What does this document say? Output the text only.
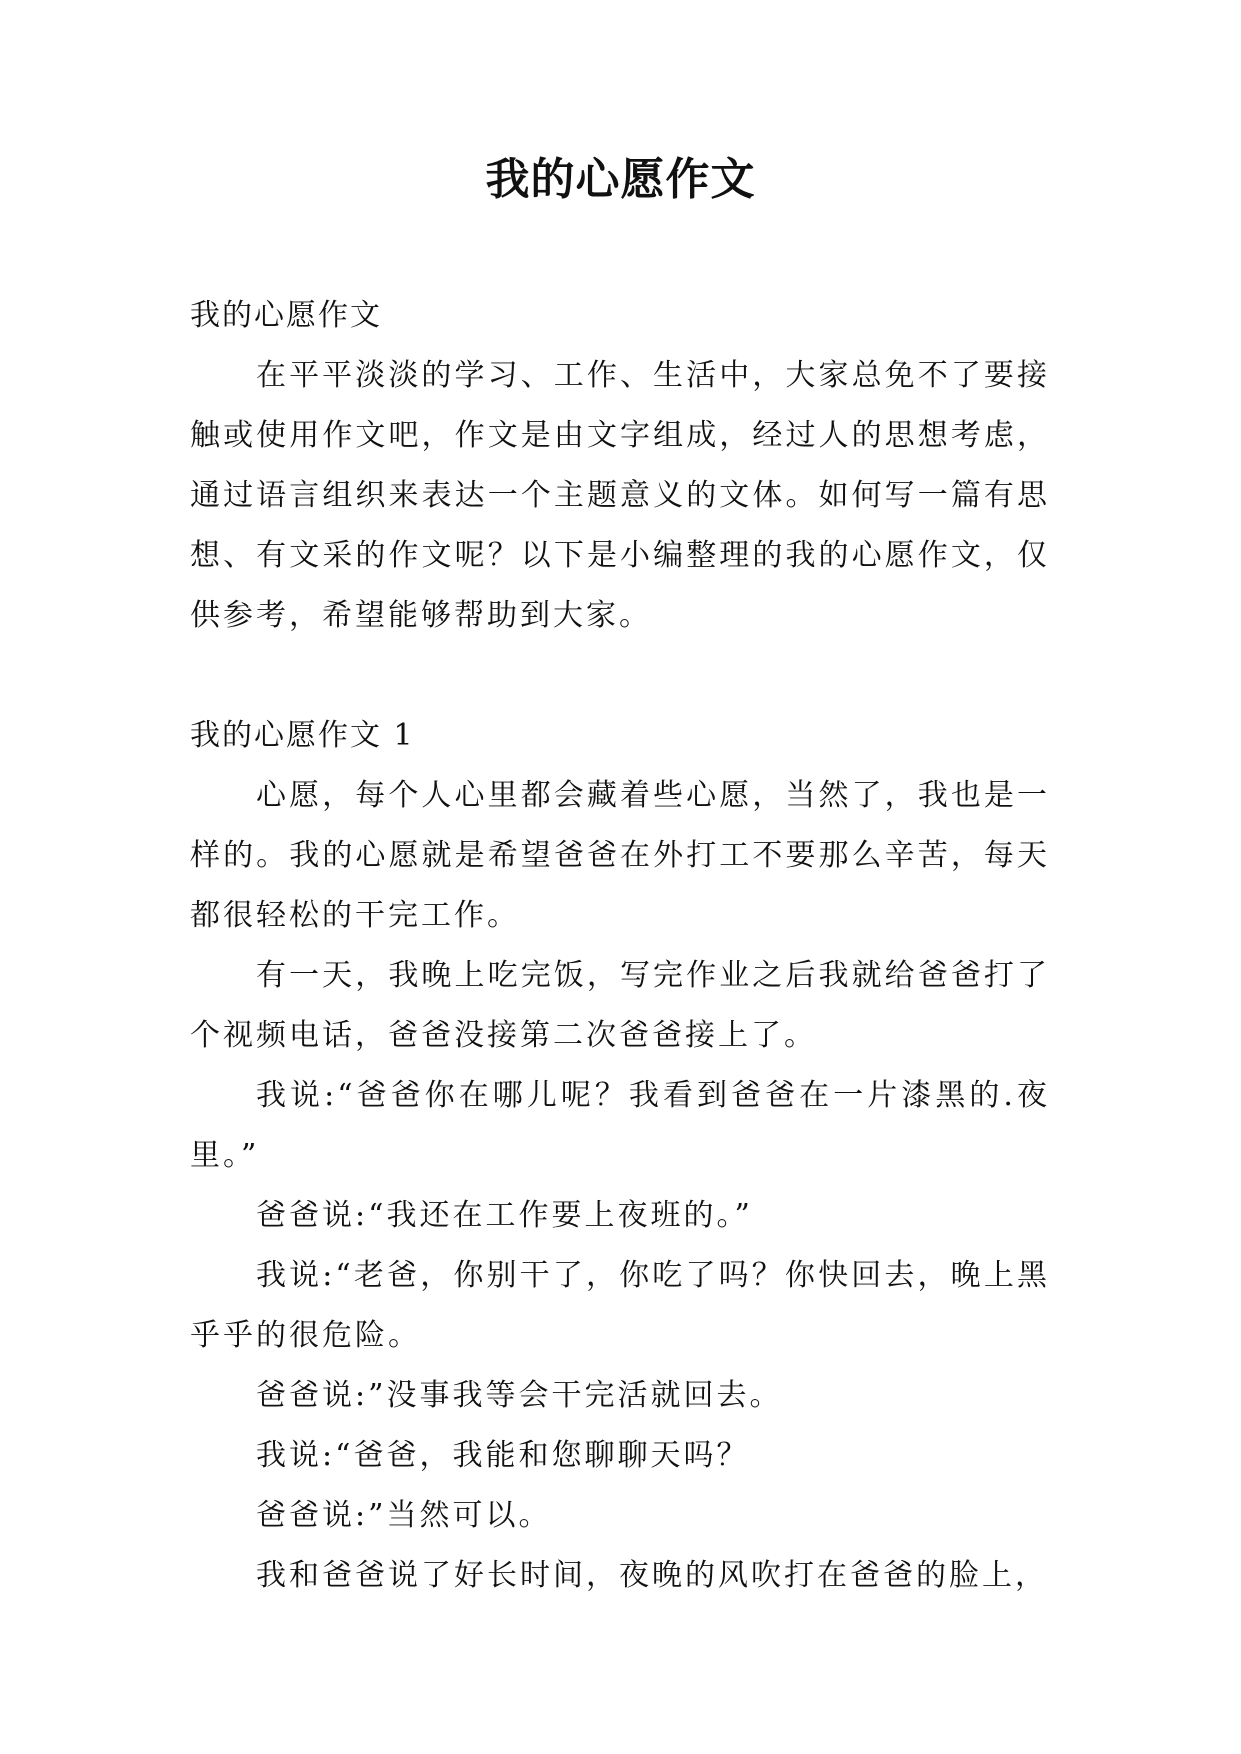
我的心愿作文

我的心愿作文

在平平淡淡的学习、工作、生活中，大家总免不了要接触或使用作文吧，作文是由文字组成，经过人的思想考虑，通过语言组织来表达一个主题意义的文体。如何写一篇有思想、有文采的作文呢？以下是小编整理的我的心愿作文，仅供参考，希望能够帮助到大家。

我的心愿作文 1

心愿，每个人心里都会藏着些心愿，当然了，我也是一样的。我的心愿就是希望爸爸在外打工不要那么辛苦，每天都很轻松的干完工作。

有一天，我晚上吃完饭，写完作业之后我就给爸爸打了个视频电话，爸爸没接第二次爸爸接上了。

我说:“爸爸你在哪儿呢？我看到爸爸在一片漆黑的.夜里。”

爸爸说:“我还在工作要上夜班的。”

我说:“老爸，你别干了，你吃了吗？你快回去，晚上黑乎乎的很危险。

爸爸说:”没事我等会干完活就回去。

我说:“爸爸，我能和您聊聊天吗？

爸爸说:”当然可以。

我和爸爸说了好长时间，夜晚的风吹打在爸爸的脸上，
